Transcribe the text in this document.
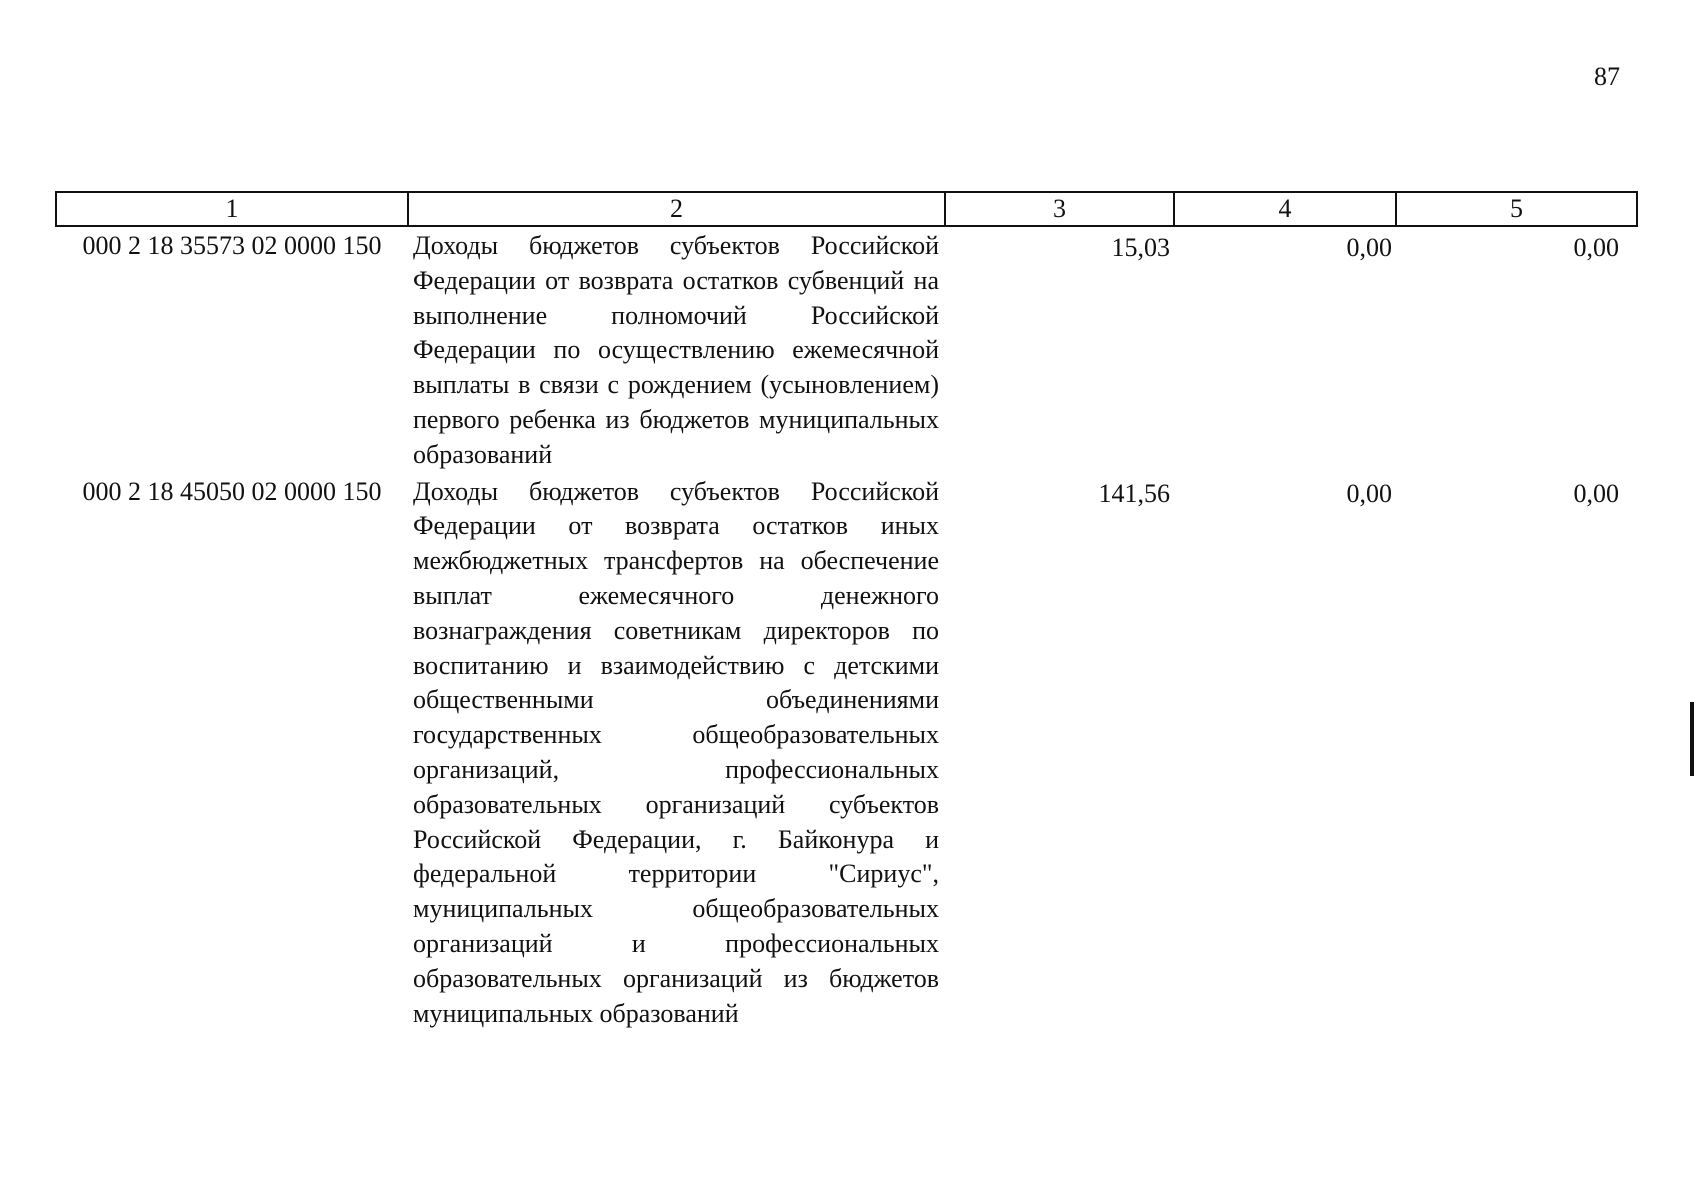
87
1	2	3	4	5
000 2 18 35573 02 0000 150	Доходы бюджетов субъектов Российской Федерации от возврата остатков субвенций на выполнение полномочий Российской Федерации по осуществлению ежемесячной выплаты в связи с рождением (усыновлением) первого ребенка из бюджетов муниципальных образований	15,03	0,00	0,00
000 2 18 45050 02 0000 150	Доходы бюджетов субъектов Российской Федерации от возврата остатков иных межбюджетных трансфертов на обеспечение выплат ежемесячного денежного вознаграждения советникам директоров по воспитанию и взаимодействию с детскими общественными объединениями государственных общеобразовательных организаций, профессиональных образовательных организаций субъектов Российской Федерации, г. Байконура и федеральной территории "Сириус", муниципальных общеобразовательных организаций и профессиональных образовательных организаций из бюджетов муниципальных образований	141,56	0,00	0,00
